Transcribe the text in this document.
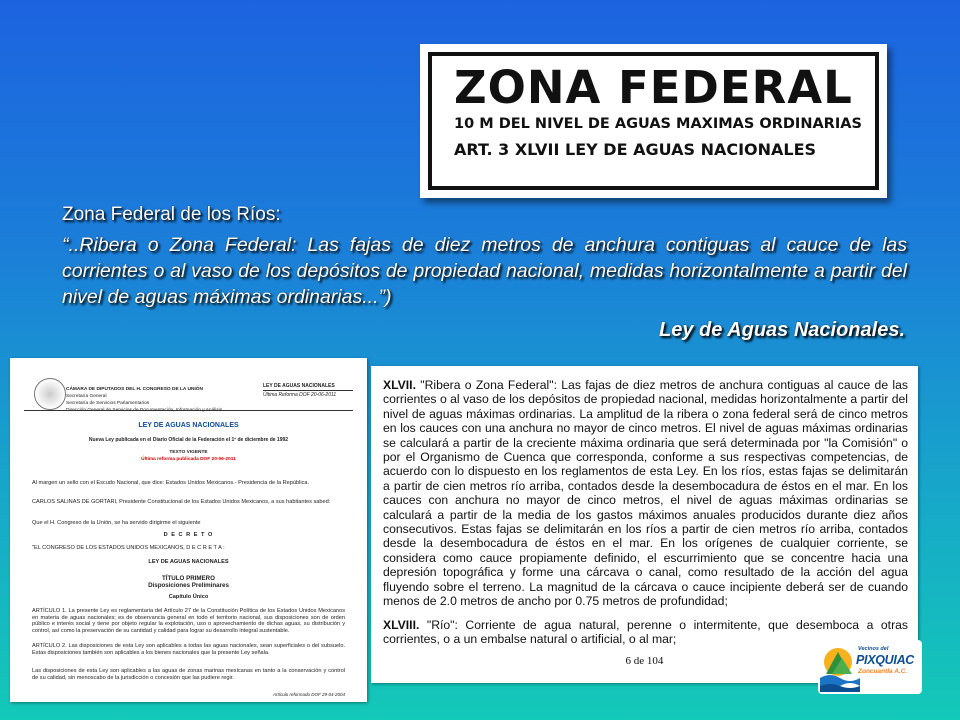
ZONA FEDERAL
10 M DEL NIVEL DE AGUAS MAXIMAS ORDINARIAS
ART. 3 XLVII LEY DE AGUAS NACIONALES
Zona Federal de los Ríos:
“..Ribera o Zona Federal: Las fajas de diez metros de anchura contiguas al cauce de las corrientes o al vaso de los depósitos de propiedad nacional, medidas horizontalmente a partir del nivel de aguas máximas ordinarias...”)
Ley de Aguas Nacionales.
CÁMARA DE DIPUTADOS DEL H. CONGRESO DE LA UNIÓN
Secretaría General
Secretaría de Servicios Parlamentarios
Dirección General de Servicios de Documentación, Información y Análisis
LEY DE AGUAS NACIONALES
Última Reforma DOF 20-06-2011
LEY DE AGUAS NACIONALES
Nueva Ley publicada en el Diario Oficial de la Federación el 1º de diciembre de 1992
TEXTO VIGENTE
Última reforma publicada DOF 20-06-2011
Al margen un sello con el Escudo Nacional, que dice: Estados Unidos Mexicanos.- Presidencia de la República.
CARLOS SALINAS DE GORTARI, Presidente Constitucional de los Estados Unidos Mexicanos, a sus habitantes sabed:
Que el H. Congreso de la Unión, se ha servido dirigirme el siguiente
D E C R E T O
"EL CONGRESO DE LOS ESTADOS UNIDOS MEXICANOS, D E C R E T A :
LEY DE AGUAS NACIONALES
TÍTULO PRIMERO
Disposiciones Preliminares
Capítulo Único
ARTÍCULO 1. La presente Ley es reglamentaria del Artículo 27 de la Constitución Política de los Estados Unidos Mexicanos en materia de aguas nacionales; es de observancia general en todo el territorio nacional, sus disposiciones son de orden público e interés social y tiene por objeto regular la explotación, uso o aprovechamiento de dichas aguas, su distribución y control, así como la preservación de su cantidad y calidad para lograr su desarrollo integral sustentable.
ARTÍCULO 2. Las disposiciones de esta Ley son aplicables a todas las aguas nacionales, sean superficiales o del subsuelo. Estas disposiciones también son aplicables a los bienes nacionales que la presente Ley señala.
Las disposiciones de esta Ley son aplicables a las aguas de zonas marinas mexicanas en tanto a la conservación y control de su calidad, sin menoscabo de la jurisdicción o concesión que las pudiere regir.
Artículo reformado DOF 29-04-2004
XLVII. "Ribera o Zona Federal": Las fajas de diez metros de anchura contiguas al cauce de las corrientes o al vaso de los depósitos de propiedad nacional, medidas horizontalmente a partir del nivel de aguas máximas ordinarias. La amplitud de la ribera o zona federal será de cinco metros en los cauces con una anchura no mayor de cinco metros. El nivel de aguas máximas ordinarias se calculará a partir de la creciente máxima ordinaria que será determinada por "la Comisión" o por el Organismo de Cuenca que corresponda, conforme a sus respectivas competencias, de acuerdo con lo dispuesto en los reglamentos de esta Ley. En los ríos, estas fajas se delimitarán a partir de cien metros río arriba, contados desde la desembocadura de éstos en el mar. En los cauces con anchura no mayor de cinco metros, el nivel de aguas máximas ordinarias se calculará a partir de la media de los gastos máximos anuales producidos durante diez años consecutivos. Estas fajas se delimitarán en los ríos a partir de cien metros río arriba, contados desde la desembocadura de éstos en el mar. En los orígenes de cualquier corriente, se considera como cauce propiamente definido, el escurrimiento que se concentre hacia una depresión topográfica y forme una cárcava o canal, como resultado de la acción del agua fluyendo sobre el terreno. La magnitud de la cárcava o cauce incipiente deberá ser de cuando menos de 2.0 metros de ancho por 0.75 metros de profundidad;
XLVIII. "Río": Corriente de agua natural, perenne o intermitente, que desemboca a otras corrientes, o a un embalse natural o artificial, o al mar;
6 de 104
Vecinos del
PIXQUIAC
Zoncuantla A.C.
